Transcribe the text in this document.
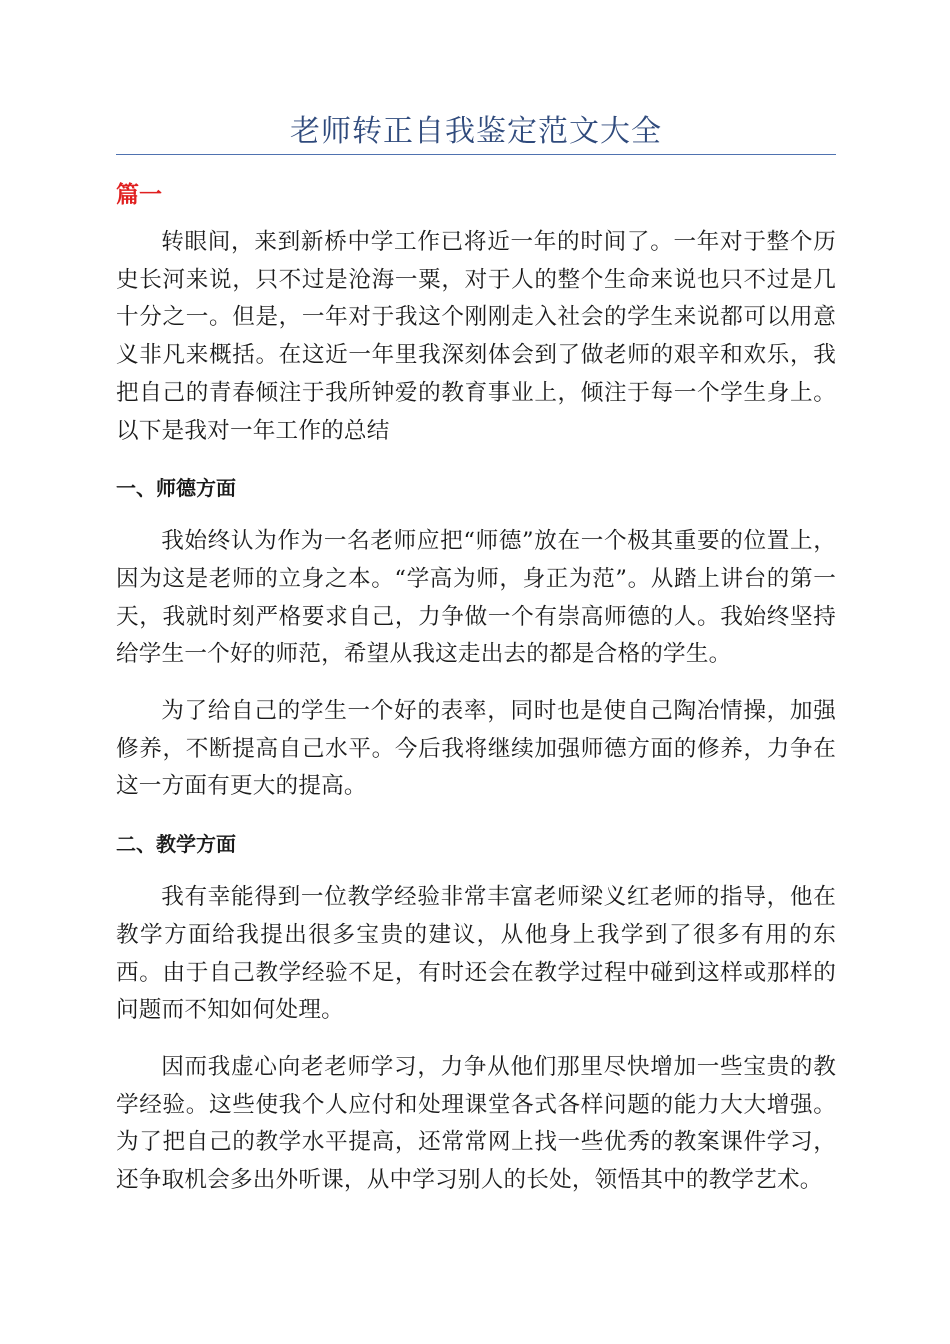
老师转正自我鉴定范文大全
篇一

转眼间，来到新桥中学工作已将近一年的时间了。一年对于整个历史长河来说，只不过是沧海一粟，对于人的整个生命来说也只不过是几十分之一。但是，一年对于我这个刚刚走入社会的学生来说都可以用意义非凡来概括。在这近一年里我深刻体会到了做老师的艰辛和欢乐，我把自己的青春倾注于我所钟爱的教育事业上，倾注于每一个学生身上。以下是我对一年工作的总结

一、师德方面

我始终认为作为一名老师应把“师德”放在一个极其重要的位置上，因为这是老师的立身之本。“学高为师，身正为范”。从踏上讲台的第一天，我就时刻严格要求自己，力争做一个有崇高师德的人。我始终坚持给学生一个好的师范，希望从我这走出去的都是合格的学生。

为了给自己的学生一个好的表率，同时也是使自己陶冶情操，加强修养，不断提高自己水平。今后我将继续加强师德方面的修养，力争在这一方面有更大的提高。

二、教学方面

我有幸能得到一位教学经验非常丰富老师梁义红老师的指导，他在教学方面给我提出很多宝贵的建议，从他身上我学到了很多有用的东西。由于自己教学经验不足，有时还会在教学过程中碰到这样或那样的问题而不知如何处理。

因而我虚心向老老师学习，力争从他们那里尽快增加一些宝贵的教学经验。这些使我个人应付和处理课堂各式各样问题的能力大大增强。为了把自己的教学水平提高，还常常网上找一些优秀的教案课件学习，还争取机会多出外听课，从中学习别人的长处，领悟其中的教学艺术。
